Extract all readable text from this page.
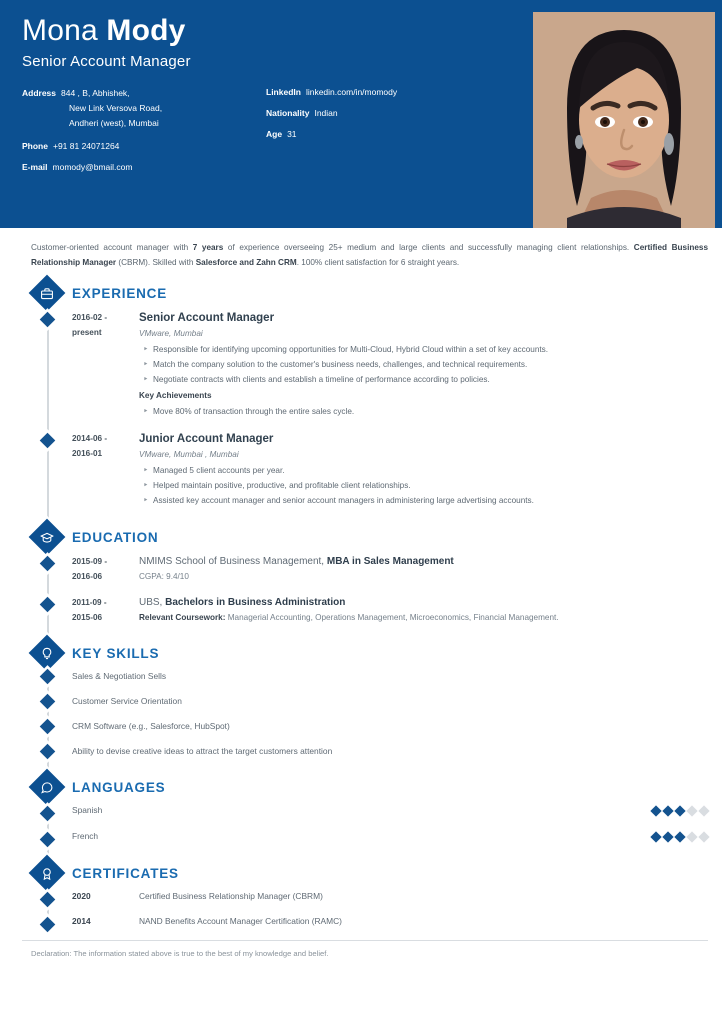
Mona Mody
Senior Account Manager
Address 844 , B, Abhishek,
New Link Versova Road,
Andheri (west), Mumbai
Phone +91 81 24071264
E-mail momody@bmail.com
LinkedIn linkedin.com/in/momody
Nationality Indian
Age 31
Customer-oriented account manager with 7 years of experience overseeing 25+ medium and large clients and successfully managing client relationships. Certified Business Relationship Manager (CBRM). Skilled with Salesforce and Zahn CRM. 100% client satisfaction for 6 straight years.
EXPERIENCE
2016-02 -
present
Senior Account Manager
VMware, Mumbai
‣ Responsible for identifying upcoming opportunities for Multi-Cloud, Hybrid Cloud within a set of key accounts.
‣ Match the company solution to the customer's business needs, challenges, and technical requirements.
‣ Negotiate contracts with clients and establish a timeline of performance according to policies.
Key Achievements
‣ Move 80% of transaction through the entire sales cycle.
2014-06 -
2016-01
Junior Account Manager
VMware, Mumbai , Mumbai
‣ Managed 5 client accounts per year.
‣ Helped maintain positive, productive, and profitable client relationships.
‣ Assisted key account manager and senior account managers in administering large advertising accounts.
EDUCATION
2015-09 -
2016-06
NMIMS School of Business Management, MBA in Sales Management
CGPA: 9.4/10
2011-09 -
2015-06
UBS, Bachelors in Business Administration
Relevant Coursework: Managerial Accounting, Operations Management, Microeconomics, Financial Management.
KEY SKILLS
Sales & Negotiation Sells
Customer Service Orientation
CRM Software (e.g., Salesforce, HubSpot)
Ability to devise creative ideas to attract the target customers attention
LANGUAGES
Spanish
French
CERTIFICATES
2020	Certified Business Relationship Manager (CBRM)
2014	NAND Benefits Account Manager Certification (RAMC)
Declaration: The information stated above is true to the best of my knowledge and belief.
